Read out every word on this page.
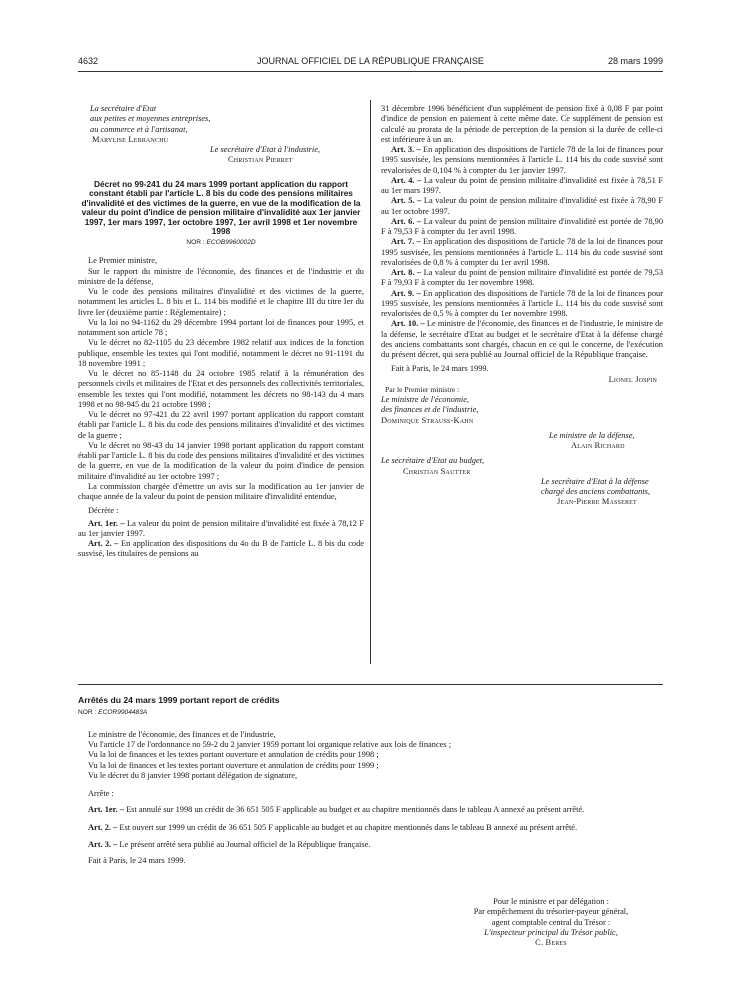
4632	JOURNAL OFFICIEL DE LA RÉPUBLIQUE FRANÇAISE	28 mars 1999
La secrétaire d'Etat
aux petites et moyennes entreprises,
au commerce et à l'artisanat,
Marylise Lebranchu
Le secrétaire d'Etat à l'industrie,
Christian Pierret

Décret no 99-241 du 24 mars 1999 portant application du rapport constant établi par l'article L. 8 bis du code des pensions militaires d'invalidité et des victimes de la guerre, en vue de la modification de la valeur du point d'indice de pension militaire d'invalidité aux 1er janvier 1997, 1er mars 1997, 1er octobre 1997, 1er avril 1998 et 1er novembre 1998

NOR : ECOB9960002D

Le Premier ministre,

Sur le rapport du ministre de l'économie, des finances et de l'industrie et du ministre de la défense,

Vu le code des pensions militaires d'invalidité et des victimes de la guerre, notamment les articles L. 8 bis et L. 114 bis modifié et le chapitre III du titre Ier du livre Ier (deuxième partie : Réglementaire) ;

Vu la loi no 94-1162 du 29 décembre 1994 portant loi de finances pour 1995, et notamment son article 78 ;

Vu le décret no 82-1105 du 23 décembre 1982 relatif aux indices de la fonction publique, ensemble les textes qui l'ont modifié, notamment le décret no 91-1191 du 18 novembre 1991 ;

Vu le décret no 85-1148 du 24 octobre 1985 relatif à la rémunération des personnels civils et militaires de l'Etat et des personnels des collectivités territoriales, ensemble les textes qui l'ont modifié, notamment les décrets no 98-143 du 4 mars 1998 et no 98-945 du 21 octobre 1998 ;

Vu le décret no 97-421 du 22 avril 1997 portant application du rapport constant établi par l'article L. 8 bis du code des pensions militaires d'invalidité et des victimes de la guerre ;

Vu le décret no 98-43 du 14 janvier 1998 portant application du rapport constant établi par l'article L. 8 bis du code des pensions militaires d'invalidité et des victimes de la guerre, en vue de la modification de la valeur du point d'indice de pension militaire d'invalidité au 1er octobre 1997 ;

La commission chargée d'émettre un avis sur la modification au 1er janvier de chaque année de la valeur du point de pension militaire d'invalidité entendue,

Décrète :

Art. 1er. – La valeur du point de pension militaire d'invalidité est fixée à 78,12 F au 1er janvier 1997.

Art. 2. – En application des dispositions du 4o du B de l'article L. 8 bis du code susvisé, les titulaires de pensions au

31 décembre 1996 bénéficient d'un supplément de pension fixé à 0,08 F par point d'indice de pension en paiement à cette même date. Ce supplément de pension est calculé au prorata de la période de perception de la pension si la durée de celle-ci est inférieure à un an.

Art. 3. – En application des dispositions de l'article 78 de la loi de finances pour 1995 susvisée, les pensions mentionnées à l'article L. 114 bis du code susvisé sont revalorisées de 0,104 % à compter du 1er janvier 1997.

Art. 4. – La valeur du point de pension militaire d'invalidité est fixée à 78,51 F au 1er mars 1997.

Art. 5. – La valeur du point de pension militaire d'invalidité est fixée à 78,90 F au 1er octobre 1997.

Art. 6. – La valeur du point de pension militaire d'invalidité est portée de 78,90 F à 79,53 F à compter du 1er avril 1998.

Art. 7. – En application des dispositions de l'article 78 de la loi de finances pour 1995 susvisée, les pensions mentionnées à l'article L. 114 bis du code susvisé sont revalorisées de 0,8 % à compter du 1er avril 1998.

Art. 8. – La valeur du point de pension militaire d'invalidité est portée de 79,53 F à 79,93 F à compter du 1er novembre 1998.

Art. 9. – En application des dispositions de l'article 78 de la loi de finances pour 1995 susvisée, les pensions mentionnées à l'article L. 114 bis du code susvisé sont revalorisées de 0,5 % à compter du 1er novembre 1998.

Art. 10. – Le ministre de l'économie, des finances et de l'industrie, le ministre de la défense, le secrétaire d'Etat au budget et le secrétaire d'Etat à la défense chargé des anciens combattants sont chargés, chacun en ce qui le concerne, de l'exécution du présent décret, qui sera publié au Journal officiel de la République française.

Fait à Paris, le 24 mars 1999.

Lionel Jospin
Par le Premier ministre :
Le ministre de l'économie,
des finances et de l'industrie,
Dominique Strauss-Kahn
Le ministre de la défense,
Alain Richard
Le secrétaire d'Etat au budget,
Christian Sautter
Le secrétaire d'Etat à la défense
chargé des anciens combattants,
Jean-Pierre Masseret

Arrêtés du 24 mars 1999 portant report de crédits

NOR : ECOR9904483A

Le ministre de l'économie, des finances et de l'industrie,

Vu l'article 17 de l'ordonnance no 59-2 du 2 janvier 1959 portant loi organique relative aux lois de finances ;

Vu la loi de finances et les textes portant ouverture et annulation de crédits pour 1998 ;

Vu la loi de finances et les textes portant ouverture et annulation de crédits pour 1999 ;

Vu le décret du 8 janvier 1998 portant délégation de signature,

Arrête :

Art. 1er. – Est annulé sur 1998 un crédit de 36 651 505 F applicable au budget et au chapitre mentionnés dans le tableau A annexé au présent arrêté.

Art. 2. – Est ouvert sur 1999 un crédit de 36 651 505 F applicable au budget et au chapitre mentionnés dans le tableau B annexé au présent arrêté.

Art. 3. – Le présent arrêté sera publié au Journal officiel de la République française.

Fait à Paris, le 24 mars 1999.

Pour le ministre et par délégation :
Par empêchement du trésorier-payeur général,
agent comptable central du Trésor :
L'inspecteur principal du Trésor public,
C. Beres
